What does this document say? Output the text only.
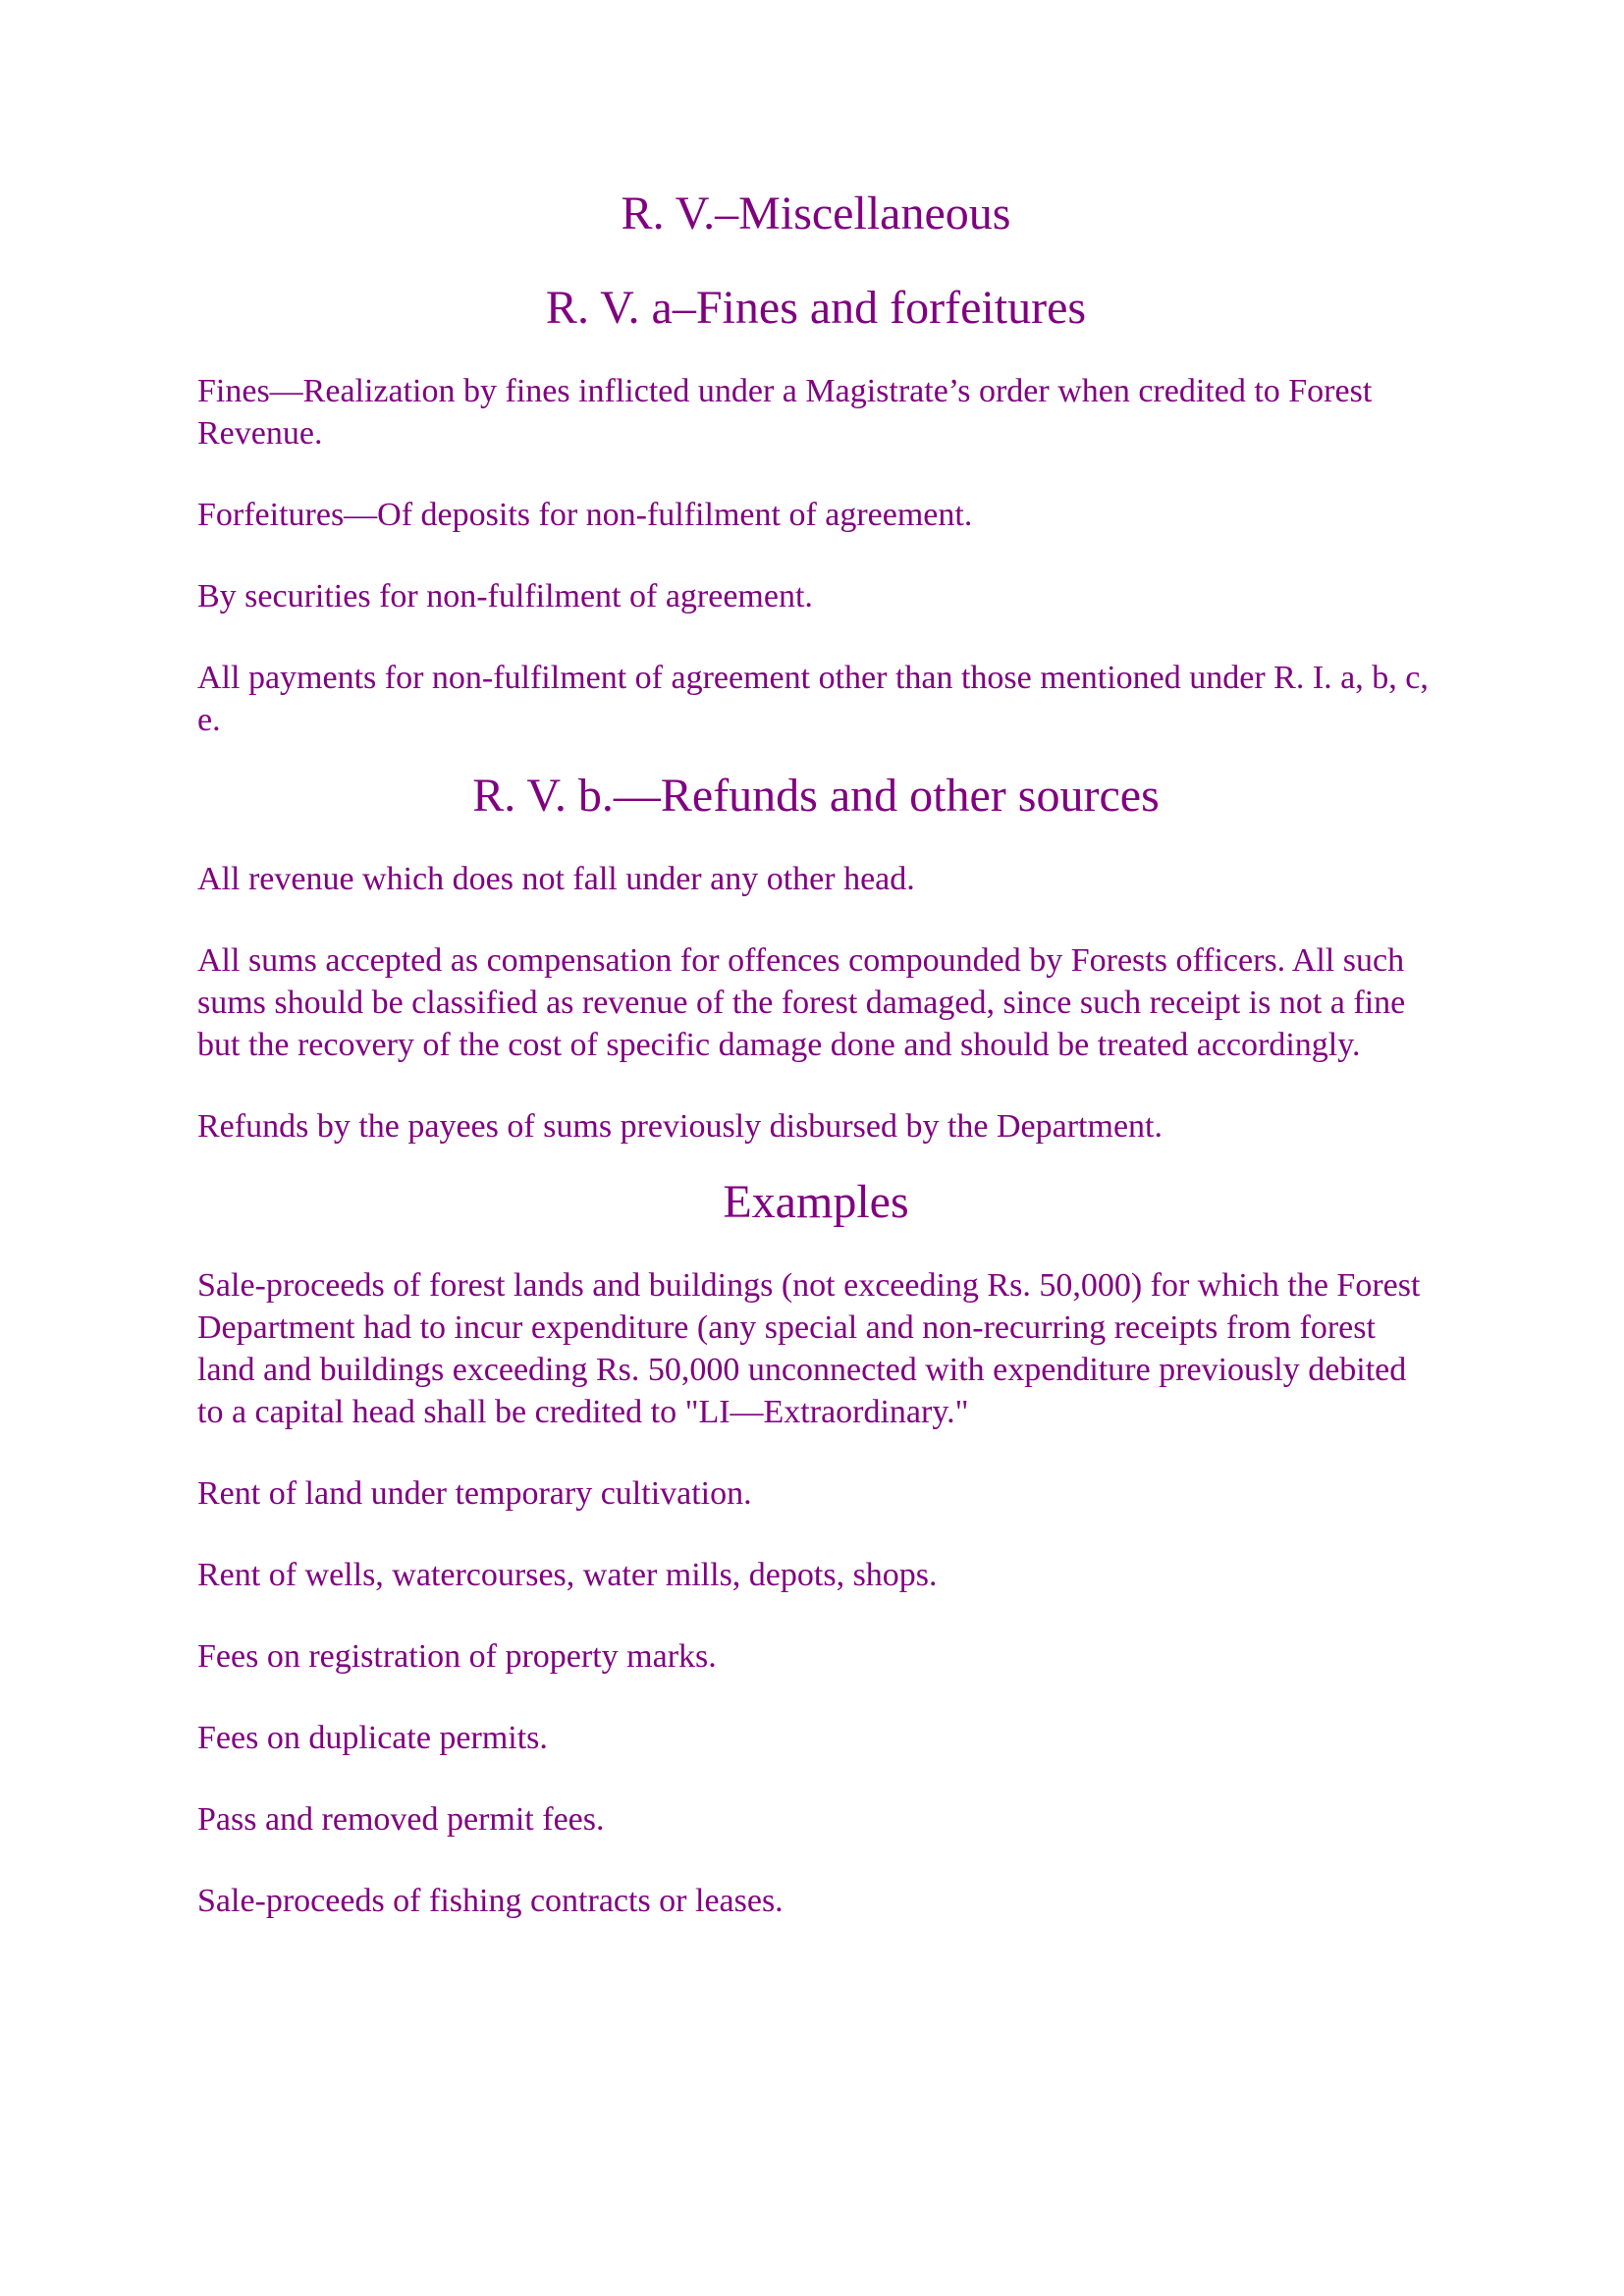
R. V.–Miscellaneous
R. V. a–Fines and forfeitures

Fines—Realization by fines inflicted under a Magistrate’s order when credited to Forest Revenue.

Forfeitures—Of deposits for non-fulfilment of agreement.

By securities for non-fulfilment of agreement.

All payments for non-fulfilment of agreement other than those mentioned under R. I. a, b, c, e.

R. V. b.—Refunds and other sources

All revenue which does not fall under any other head.

All sums accepted as compensation for offences compounded by Forests officers. All such sums should be classified as revenue of the forest damaged, since such receipt is not a fine but the recovery of the cost of specific damage done and should be treated accordingly.

Refunds by the payees of sums previously disbursed by the Department.

Examples

Sale-proceeds of forest lands and buildings (not exceeding Rs. 50,000) for which the Forest Department had to incur expenditure (any special and non-recurring receipts from forest land and buildings exceeding Rs. 50,000 unconnected with expenditure previously debited to a capital head shall be credited to "LI—Extraordinary."

Rent of land under temporary cultivation.

Rent of wells, watercourses, water mills, depots, shops.

Fees on registration of property marks.

Fees on duplicate permits.

Pass and removed permit fees.

Sale-proceeds of fishing contracts or leases.
